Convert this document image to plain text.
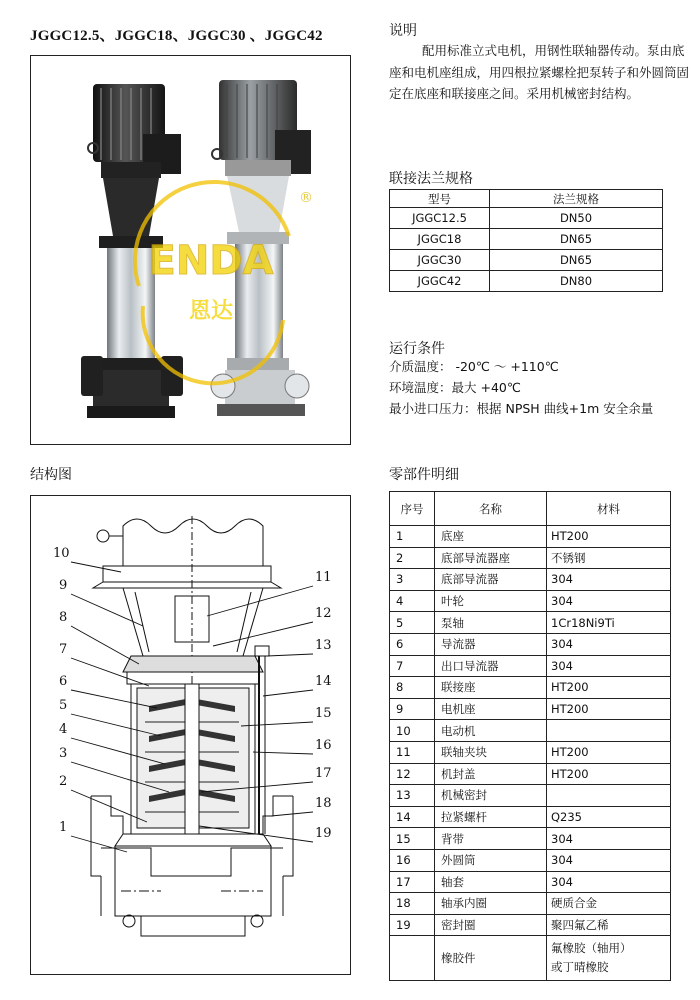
JGGC12.5、JGGC18、JGGC30 、JGGC42
ENDA
恩达
®
说明

配用标准立式电机，用钢性联轴器传动。泵由底座和电机座组成，用四根拉紧螺栓把泵转子和外圆筒固定在底座和联接座之间。采用机械密封结构。

联接法兰规格
型号	法兰规格
JGGC12.5	DN50
JGGC18	DN65
JGGC30	DN65
JGGC42	DN80
运行条件
介质温度： -20℃ ～ +110℃
环境温度：最大 +40℃
最小进口压力：根据 NPSH 曲线+1m 安全余量
结构图
10
9
8
7
6
5
4
3
2
1
11
12
13
14
15
16
17
18
19
零部件明细
序号	名称	材料
1	底座	HT200
2	底部导流器座	不锈钢
3	底部导流器	304
4	叶轮	304
5	泵轴	1Cr18Ni9Ti
6	导流器	304
7	出口导流器	304
8	联接座	HT200
9	电机座	HT200
10	电动机	
11	联轴夹块	HT200
12	机封盖	HT200
13	机械密封	
14	拉紧螺杆	Q235
15	背带	304
16	外圆筒	304
17	轴套	304
18	轴承内圈	硬质合金
19	密封圈	聚四氟乙稀
	橡胶件	氟橡胶（轴用）
或丁晴橡胶
